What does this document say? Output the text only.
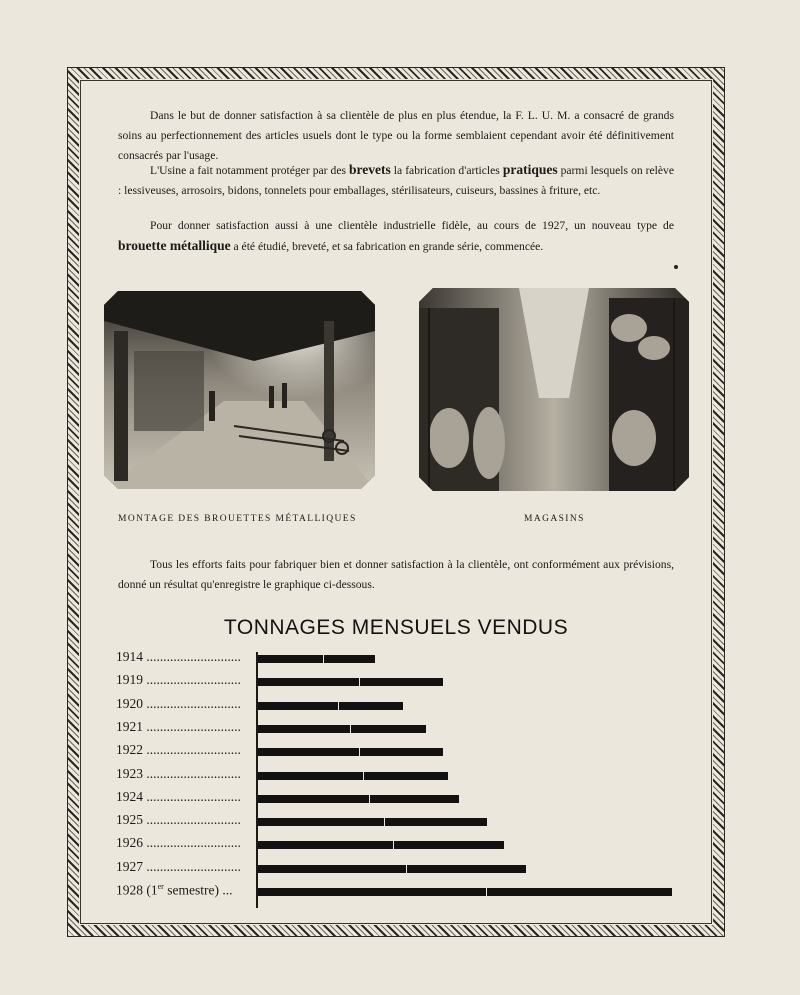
Dans le but de donner satisfaction à sa clientèle de plus en plus étendue, la F. L. U. M. a consacré de grands soins au perfectionnement des articles usuels dont le type ou la forme semblaient cependant avoir été définitivement consacrés par l'usage.

L'Usine a fait notamment protéger par des brevets la fabrication d'articles pratiques parmi lesquels on relève : lessiveuses, arrosoirs, bidons, tonnelets pour emballages, stérilisateurs, cuiseurs, bassines à friture, etc.

Pour donner satisfaction aussi à une clientèle industrielle fidèle, au cours de 1927, un nouveau type de brouette métallique a été étudié, breveté, et sa fabrication en grande série, commencée.

MONTAGE DES BROUETTES MÉTALLIQUES	MAGASINS

Tous les efforts faits pour fabriquer bien et donner satisfaction à la clientèle, ont conformément aux prévisions, donné un résultat qu'enregistre le graphique ci-dessous.

TONNAGES MENSUELS VENDUS
1914 ............................
1919 ............................
1920 ............................
1921 ............................
1922 ............................
1923 ............................
1924 ............................
1925 ............................
1926 ............................
1927 ............................
1928 (1er semestre) ...
